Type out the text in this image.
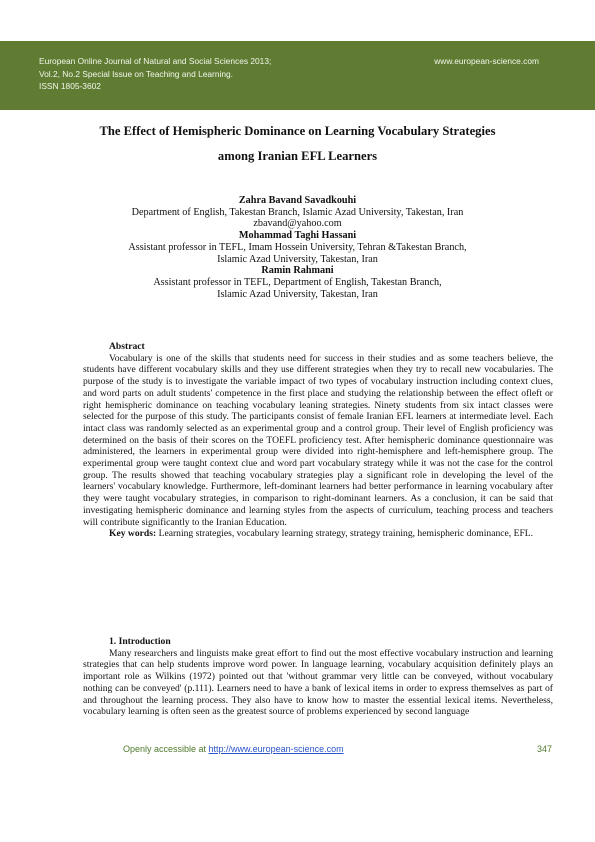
European Online Journal of Natural and Social Sciences 2013;
Vol.2, No.2 Special Issue on Teaching and Learning.
ISSN 1805-3602
www.european-science.com
The Effect of Hemispheric Dominance on Learning Vocabulary Strategies
among Iranian EFL Learners
Zahra Bavand Savadkouhi
Department of English, Takestan Branch, Islamic Azad University, Takestan, Iran
zbavand@yahoo.com
Mohammad Taghi Hassani
Assistant professor in TEFL, Imam Hossein University, Tehran &Takestan Branch,
Islamic Azad University, Takestan, Iran
Ramin Rahmani
Assistant professor in TEFL, Department of English, Takestan Branch,
Islamic Azad University, Takestan, Iran
Abstract

Vocabulary is one of the skills that students need for success in their studies and as some teachers believe, the students have different vocabulary skills and they use different strategies when they try to recall new vocabularies. The purpose of the study is to investigate the variable impact of two types of vocabulary instruction including context clues, and word parts on adult students' competence in the first place and studying the relationship between the effect ofleft or right hemispheric dominance on teaching vocabulary leaning strategies. Ninety students from six intact classes were selected for the purpose of this study. The participants consist of female Iranian EFL learners at intermediate level. Each intact class was randomly selected as an experimental group and a control group. Their level of English proficiency was determined on the basis of their scores on the TOEFL proficiency test. After hemispheric dominance questionnaire was administered, the learners in experimental group were divided into right-hemisphere and left-hemisphere group. The experimental group were taught context clue and word part vocabulary strategy while it was not the case for the control group. The results showed that teaching vocabulary strategies play a significant role in developing the level of the learners' vocabulary knowledge. Furthermore, left-dominant learners had better performance in learning vocabulary after they were taught vocabulary strategies, in comparison to right-dominant learners. As a conclusion, it can be said that investigating hemispheric dominance and learning styles from the aspects of curriculum, teaching process and teachers will contribute significantly to the Iranian Education.

Key words: Learning strategies, vocabulary learning strategy, strategy training, hemispheric dominance, EFL.

1. Introduction

Many researchers and linguists make great effort to find out the most effective vocabulary instruction and learning strategies that can help students improve word power. In language learning, vocabulary acquisition definitely plays an important role as Wilkins (1972) pointed out that 'without grammar very little can be conveyed, without vocabulary nothing can be conveyed' (p.111). Learners need to have a bank of lexical items in order to express themselves as part of and throughout the learning process. They also have to know how to master the essential lexical items. Nevertheless, vocabulary learning is often seen as the greatest source of problems experienced by second language

Openly accessible at http://www.european-science.com	347
